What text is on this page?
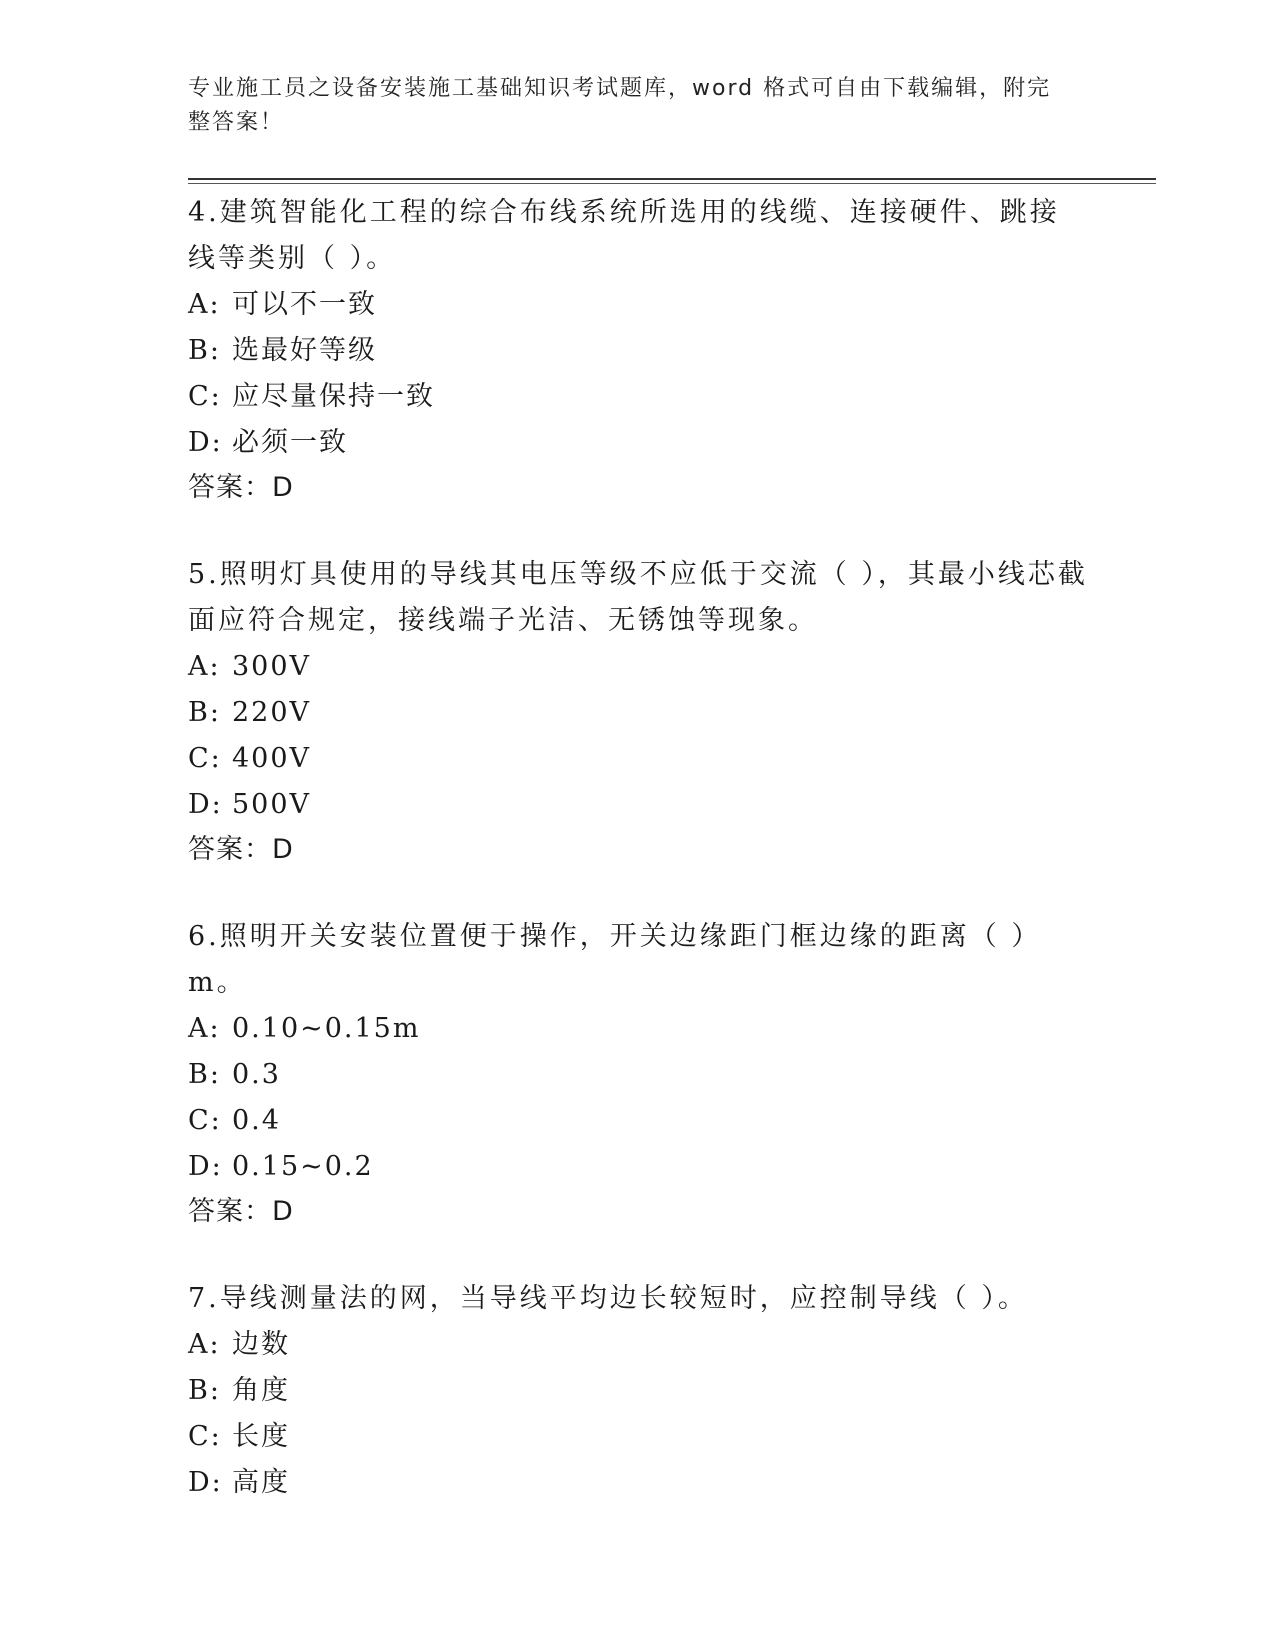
专业施工员之设备安装施工基础知识考试题库，word 格式可自由下载编辑，附完整答案！

4.建筑智能化工程的综合布线系统所选用的线缆、连接硬件、跳接线等类别（ ）。

A: 可以不一致

B: 选最好等级

C: 应尽量保持一致

D: 必须一致

答案：D

5.照明灯具使用的导线其电压等级不应低于交流（ ），其最小线芯截面应符合规定，接线端子光洁、无锈蚀等现象。

A: 300V

B: 220V

C: 400V

D: 500V

答案：D

6.照明开关安装位置便于操作，开关边缘距门框边缘的距离（ ）m。

A: 0.10~0.15m

B: 0.3

C: 0.4

D: 0.15~0.2

答案：D

7.导线测量法的网，当导线平均边长较短时，应控制导线（ ）。

A: 边数

B: 角度

C: 长度

D: 高度
